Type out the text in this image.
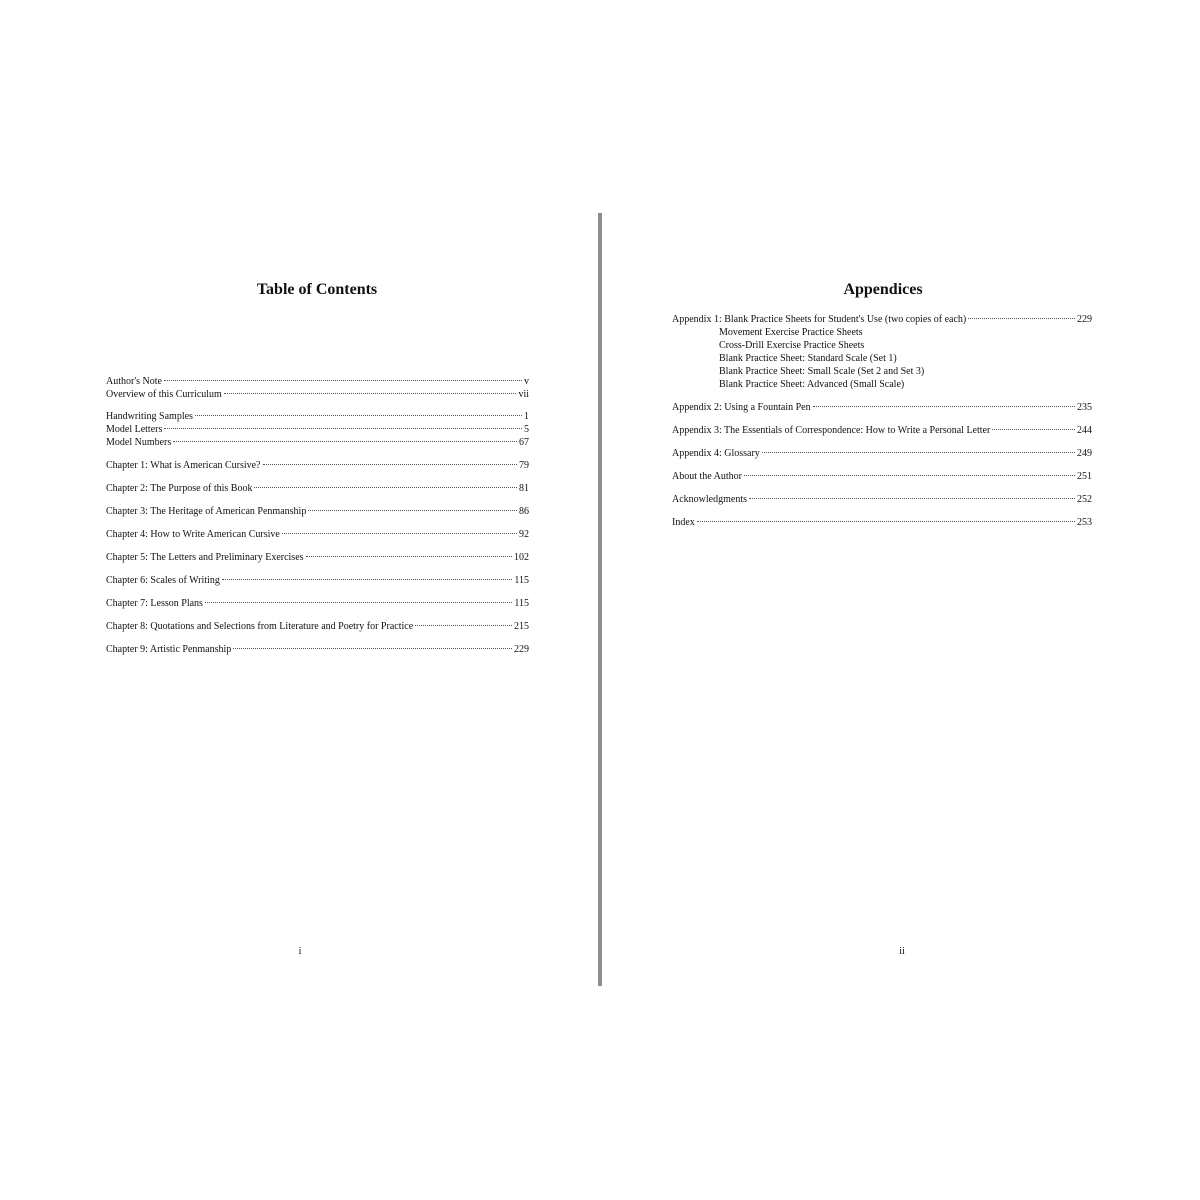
Table of Contents
Author's Note	v
Overview of this Curriculum	vii
Handwriting Samples	1
Model Letters	5
Model Numbers	67
Chapter 1: What is American Cursive?	79
Chapter 2: The Purpose of this Book	81
Chapter 3: The Heritage of American Penmanship	86
Chapter 4: How to Write American Cursive	92
Chapter 5: The Letters and Preliminary Exercises	102
Chapter 6: Scales of Writing	115
Chapter 7: Lesson Plans	115
Chapter 8: Quotations and Selections from Literature and Poetry for Practice	215
Chapter 9: Artistic Penmanship	229
i
Appendices
Appendix 1: Blank Practice Sheets for Student's Use (two copies of each)	229
Movement Exercise Practice Sheets
Cross-Drill Exercise Practice Sheets
Blank Practice Sheet: Standard Scale (Set 1)
Blank Practice Sheet: Small Scale (Set 2 and Set 3)
Blank Practice Sheet: Advanced (Small Scale)
Appendix 2: Using a Fountain Pen	235
Appendix 3: The Essentials of Correspondence: How to Write a Personal Letter	244
Appendix 4: Glossary	249
About the Author	251
Acknowledgments	252
Index	253
ii
